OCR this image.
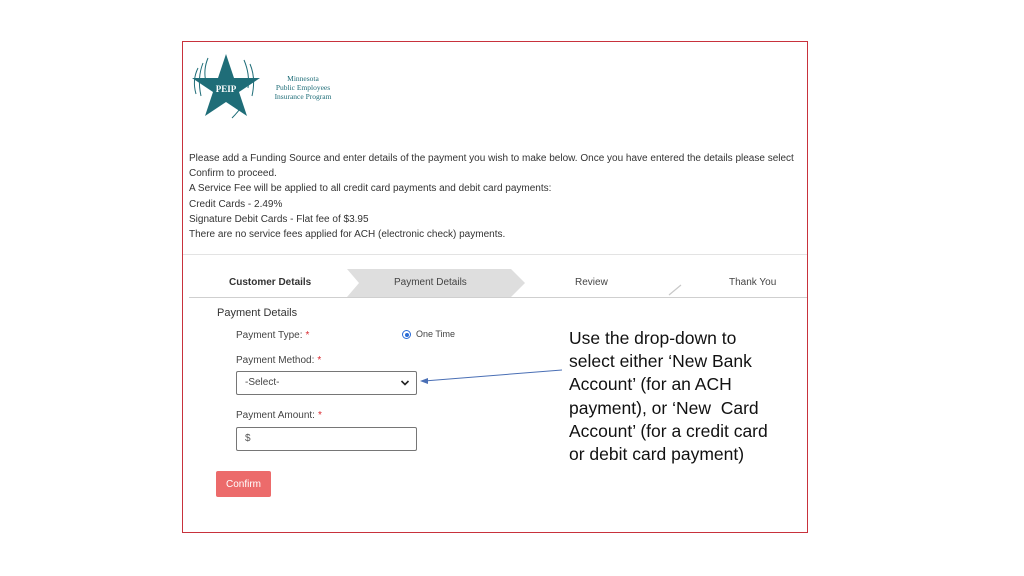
PEIP
Minnesota
Public Employees
Insurance Program
Please add a Funding Source and enter details of the payment you wish to make below. Once you have entered the details please select
Confirm to proceed.
A Service Fee will be applied to all credit card payments and debit card payments:
Credit Cards - 2.49%
Signature Debit Cards - Flat fee of $3.95
There are no service fees applied for ACH (electronic check) payments.
Customer Details	Payment Details	Review	Thank You
Payment Details
Payment Type: *	One Time
Payment Method: *
-Select-
Payment Amount: *
$
Confirm
Use the drop-down to
select either ‘New Bank
Account’ (for an ACH
payment), or ‘New  Card
Account’ (for a credit card
or debit card payment)
